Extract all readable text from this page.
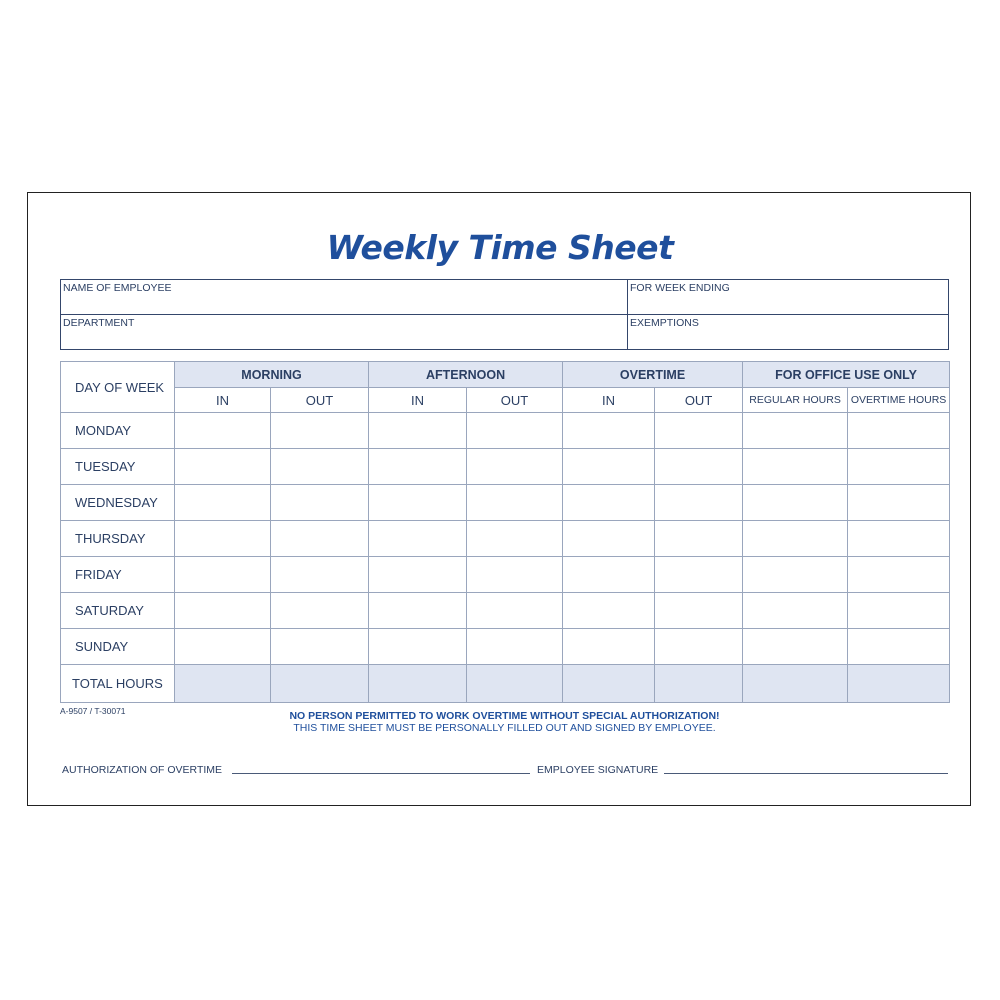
Weekly Time Sheet
NAME OF EMPLOYEE	FOR WEEK ENDING
DEPARTMENT	EXEMPTIONS
DAY OF WEEK	MORNING		AFTERNOON		OVERTIME		FOR OFFICE USE ONLY	
	IN	OUT	IN	OUT	IN	OUT	REGULAR HOURS	OVERTIME HOURS
MONDAY								
TUESDAY								
WEDNESDAY								
THURSDAY								
FRIDAY								
SATURDAY								
SUNDAY								
TOTAL HOURS								
A-9507 / T-30071	NO PERSON PERMITTED TO WORK OVERTIME WITHOUT SPECIAL AUTHORIZATION!
THIS TIME SHEET MUST BE PERSONALLY FILLED OUT AND SIGNED BY EMPLOYEE.
AUTHORIZATION OF OVERTIME	EMPLOYEE SIGNATURE
